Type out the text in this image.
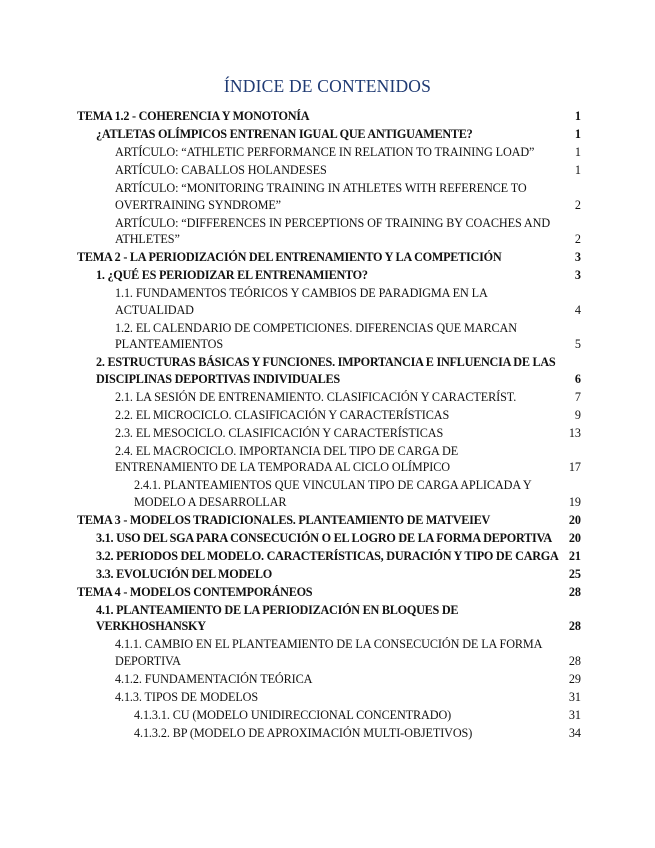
ÍNDICE DE CONTENIDOS
TEMA 1.2 - COHERENCIA Y MONOTONÍA	1
¿ATLETAS OLÍMPICOS ENTRENAN IGUAL QUE ANTIGUAMENTE?	1
ARTÍCULO: “ATHLETIC PERFORMANCE IN RELATION TO TRAINING LOAD”	1
ARTÍCULO: CABALLOS HOLANDESES	1
ARTÍCULO: “MONITORING TRAINING IN ATHLETES WITH REFERENCE TO OVERTRAINING SYNDROME”	2
ARTÍCULO: “DIFFERENCES IN PERCEPTIONS OF TRAINING BY COACHES AND ATHLETES”	2
TEMA 2 - LA PERIODIZACIÓN DEL ENTRENAMIENTO Y LA COMPETICIÓN	3
1. ¿QUÉ ES PERIODIZAR EL ENTRENAMIENTO?	3
1.1. FUNDAMENTOS TEÓRICOS Y CAMBIOS DE PARADIGMA EN LA ACTUALIDAD	4
1.2. EL CALENDARIO DE COMPETICIONES. DIFERENCIAS QUE MARCAN PLANTEAMIENTOS	5
2. ESTRUCTURAS BÁSICAS Y FUNCIONES. IMPORTANCIA E INFLUENCIA DE LAS DISCIPLINAS DEPORTIVAS INDIVIDUALES	6
2.1. LA SESIÓN DE ENTRENAMIENTO. CLASIFICACIÓN Y CARACTERÍST.	7
2.2. EL MICROCICLO. CLASIFICACIÓN Y CARACTERÍSTICAS	9
2.3. EL MESOCICLO. CLASIFICACIÓN Y CARACTERÍSTICAS	13
2.4. EL MACROCICLO. IMPORTANCIA DEL TIPO DE CARGA DE ENTRENAMIENTO DE LA TEMPORADA AL CICLO OLÍMPICO	17
2.4.1. PLANTEAMIENTOS QUE VINCULAN TIPO DE CARGA APLICADA Y MODELO A DESARROLLAR	19
TEMA 3 - MODELOS TRADICIONALES. PLANTEAMIENTO DE MATVEIEV	20
3.1. USO DEL SGA PARA CONSECUCIÓN O EL LOGRO DE LA FORMA DEPORTIVA	20
3.2. PERIODOS DEL MODELO. CARACTERÍSTICAS, DURACIÓN Y TIPO DE CARGA 21
3.3. EVOLUCIÓN DEL MODELO	25
TEMA 4 - MODELOS CONTEMPORÁNEOS	28
4.1. PLANTEAMIENTO DE LA PERIODIZACIÓN EN BLOQUES DE VERKHOSHANSKY	28
4.1.1. CAMBIO EN EL PLANTEAMIENTO DE LA CONSECUCIÓN DE LA FORMA DEPORTIVA	28
4.1.2. FUNDAMENTACIÓN TEÓRICA	29
4.1.3. TIPOS DE MODELOS	31
4.1.3.1. CU (MODELO UNIDIRECCIONAL CONCENTRADO)	31
4.1.3.2. BP (MODELO DE APROXIMACIÓN MULTI-OBJETIVOS)	34
